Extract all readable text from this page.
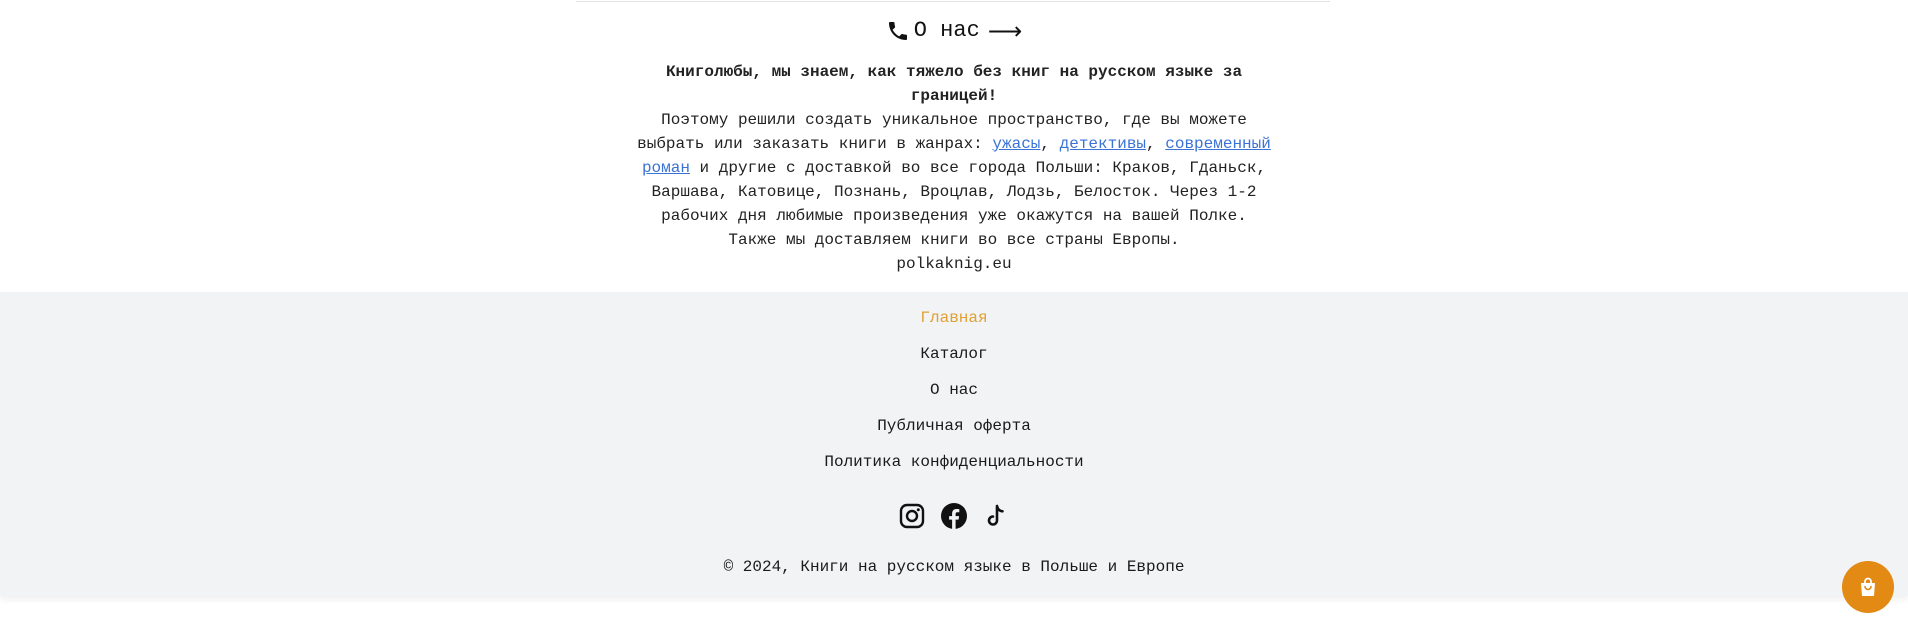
О нас ⟶
Книголюбы, мы знаем, как тяжело без книг на русском языке за границей!
Поэтому решили создать уникальное пространство, где вы можете выбрать или заказать книги в жанрах: ужасы, детективы, современный роман и другие с доставкой во все города Польши: Краков, Гданьск, Варшава, Катовице, Познань, Вроцлав, Лодзь, Белосток. Через 1-2 рабочих дня любимые произведения уже окажутся на вашей Полке.
Также мы доставляем книги во все страны Европы.
polkaknig.eu
Главная
Каталог
О нас
Публичная оферта
Политика конфиденциальности
© 2024, Книги на русском языке в Польше и Европе
